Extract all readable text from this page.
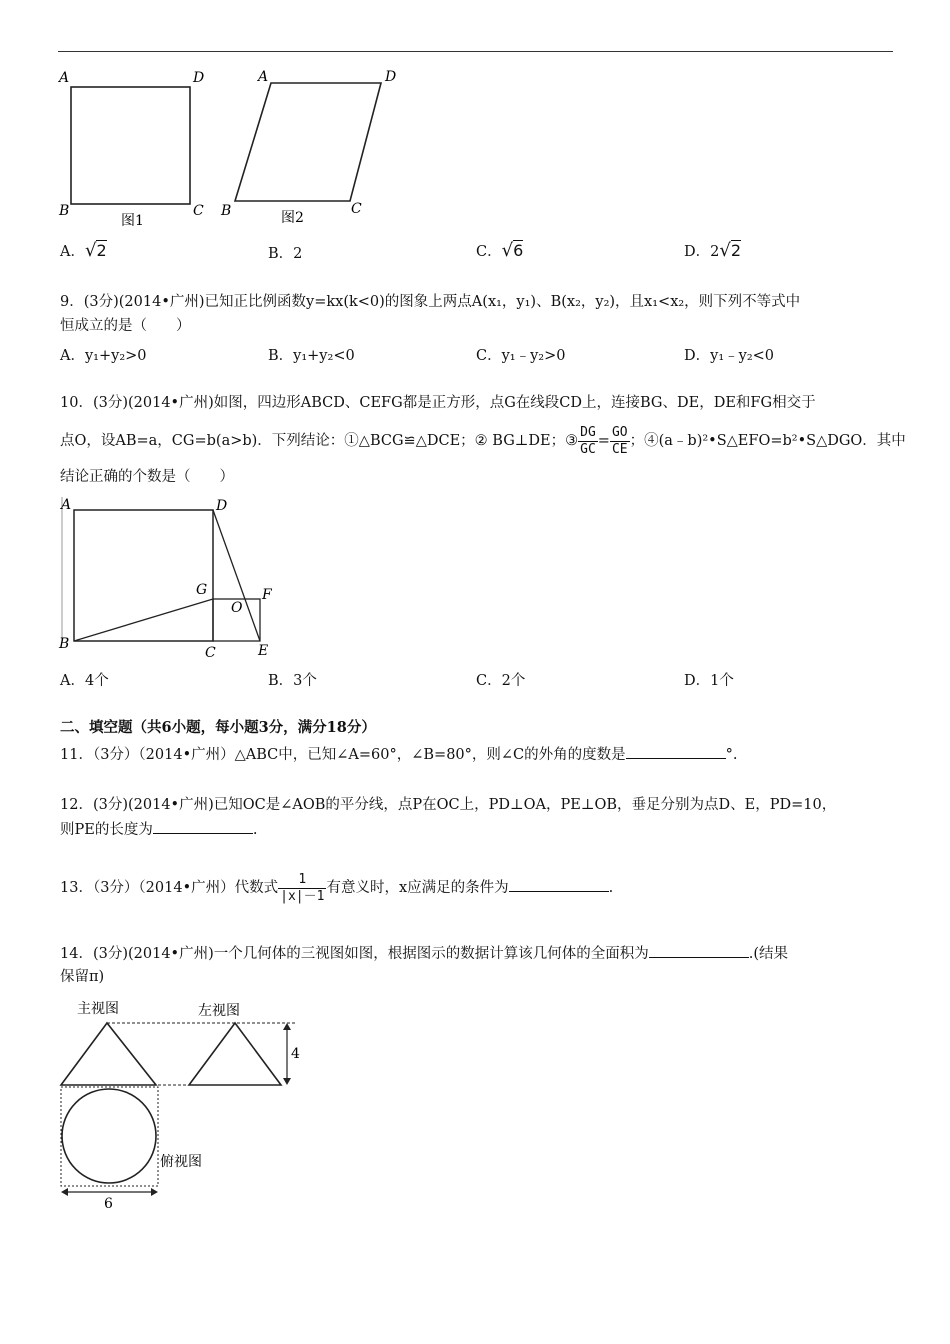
A	D
B	C
图1
A	D
B	C
图2
A．√2	B．2	C．√6	D．2√2
9．(3分)(2014•广州)已知正比例函数y=kx(k<0)的图象上两点A(x₁，y₁)、B(x₂，y₂)，且x₁<x₂，则下列不等式中
恒成立的是（　　）
A．y₁+y₂>0	B．y₁+y₂<0	C．y₁﹣y₂>0	D．y₁﹣y₂<0
10．(3分)(2014•广州)如图，四边形ABCD、CEFG都是正方形，点G在线段CD上，连接BG、DE，DE和FG相交于
点O，设AB=a，CG=b(a>b)．下列结论：①△BCG≌△DCE；② BG⊥DE；③ $\frac{DG}{GC} = \frac{GO}{CE}$ ；④(a﹣b)²•S△EFO=b²•S△DGO．其中
结论正确的个数是（　　）
A	D
B
C	E
F
G
O
A．4个	B．3个	C．2个	D．1个
二、填空题（共6小题，每小题3分，满分18分）
11．（3分）（2014•广州）△ABC中，已知∠A=60°，∠B=80°，则∠C的外角的度数是	°.
12．(3分)(2014•广州)已知OC是∠AOB的平分线，点P在OC上，PD⊥OA，PE⊥OB，垂足分别为点D、E，PD=10，
则PE的长度为	.
13．（3分）（2014•广州）代数式 $\frac{1}{|x|-1}$ 有意义时，x应满足的条件为	.
14．(3分)(2014•广州)一个几何体的三视图如图，根据图示的数据计算该几何体的全面积为	.(结果
保留π)
主视图	左视图
4
俯视图
6
